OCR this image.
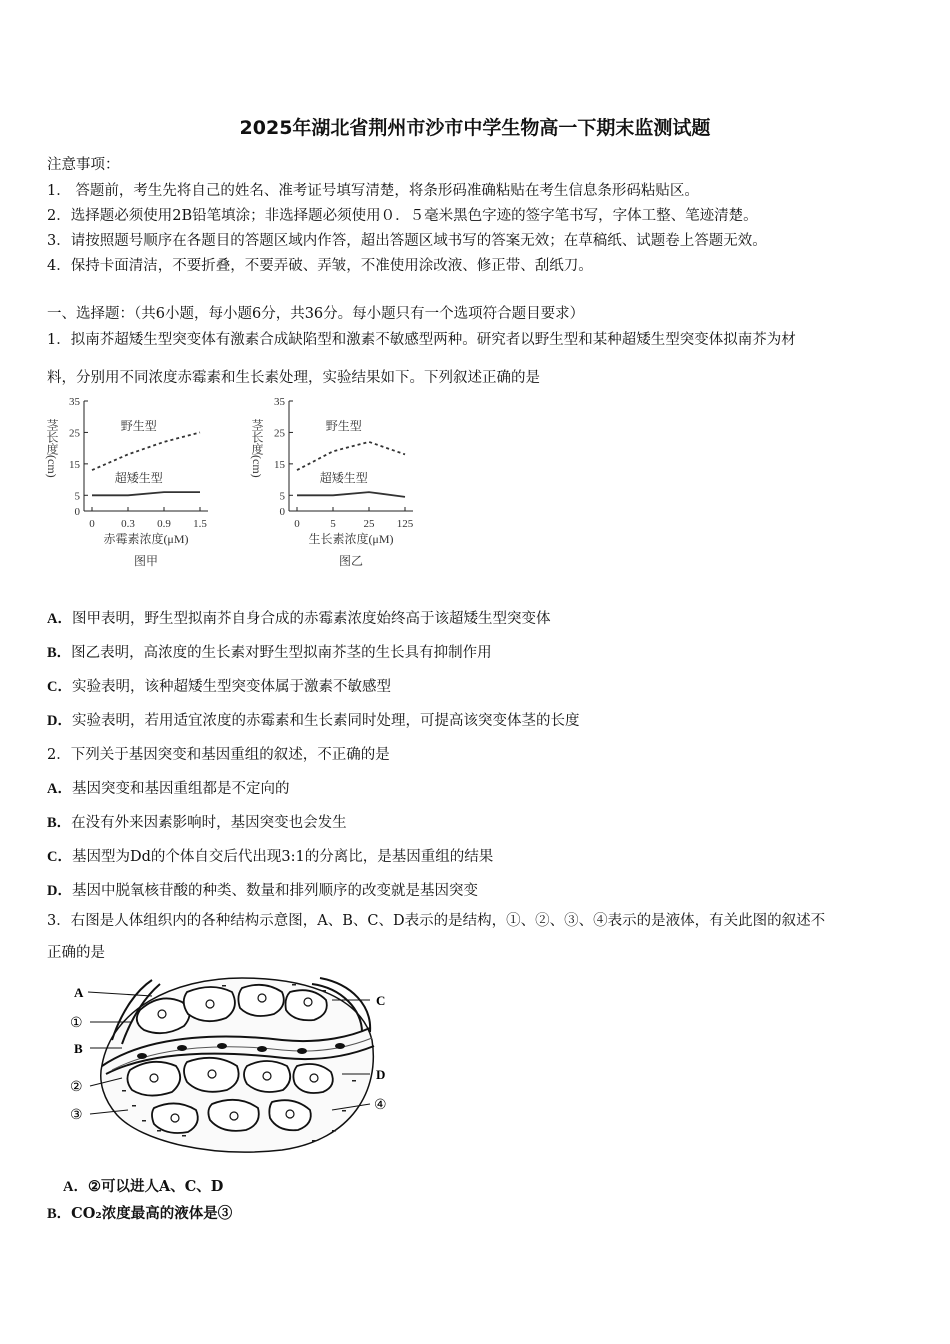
2025年湖北省荆州市沙市中学生物高一下期末监测试题
注意事项：
1． 答题前，考生先将自己的姓名、准考证号填写清楚，将条形码准确粘贴在考生信息条形码粘贴区。
2．选择题必须使用2B铅笔填涂；非选择题必须使用０．５毫米黑色字迹的签字笔书写，字体工整、笔迹清楚。
3．请按照题号顺序在各题目的答题区域内作答，超出答题区域书写的答案无效；在草稿纸、试题卷上答题无效。
4．保持卡面清洁，不要折叠，不要弄破、弄皱，不准使用涂改液、修正带、刮纸刀。
一、选择题：（共6小题，每小题6分，共36分。每小题只有一个选项符合题目要求）
1．拟南芥超矮生型突变体有激素合成缺陷型和激素不敏感型两种。研究者以野生型和某种超矮生型突变体拟南芥为材
料，分别用不同浓度赤霉素和生长素处理，实验结果如下。下列叙述正确的是
0
5
15
25
35
0 0.3 0.9 1.5
茎长度(cm)
赤霉素浓度(μM)
图甲
野生型
超矮生型
0
5
15
25
35
0	5	25 125
茎长度(cm)
生长素浓度(μM)
图乙
野生型
超矮生型
A．图甲表明，野生型拟南芥自身合成的赤霉素浓度始终高于该超矮生型突变体
B．图乙表明，高浓度的生长素对野生型拟南芥茎的生长具有抑制作用
C．实验表明，该种超矮生型突变体属于激素不敏感型
D．实验表明，若用适宜浓度的赤霉素和生长素同时处理，可提高该突变体茎的长度
2．下列关于基因突变和基因重组的叙述，不正确的是
A．基因突变和基因重组都是不定向的
B．在没有外来因素影响时，基因突变也会发生
C．基因型为Dd的个体自交后代出现3:1的分离比，是基因重组的结果
D．基因中脱氧核苷酸的种类、数量和排列顺序的改变就是基因突变
3．右图是人体组织内的各种结构示意图，A、B、C、D表示的是结构，①、②、③、④表示的是液体，有关此图的叙述不
正确的是
A
①
B
②
③
C
D
④
A．②可以进人A、C、D
B．CO₂浓度最高的液体是③
